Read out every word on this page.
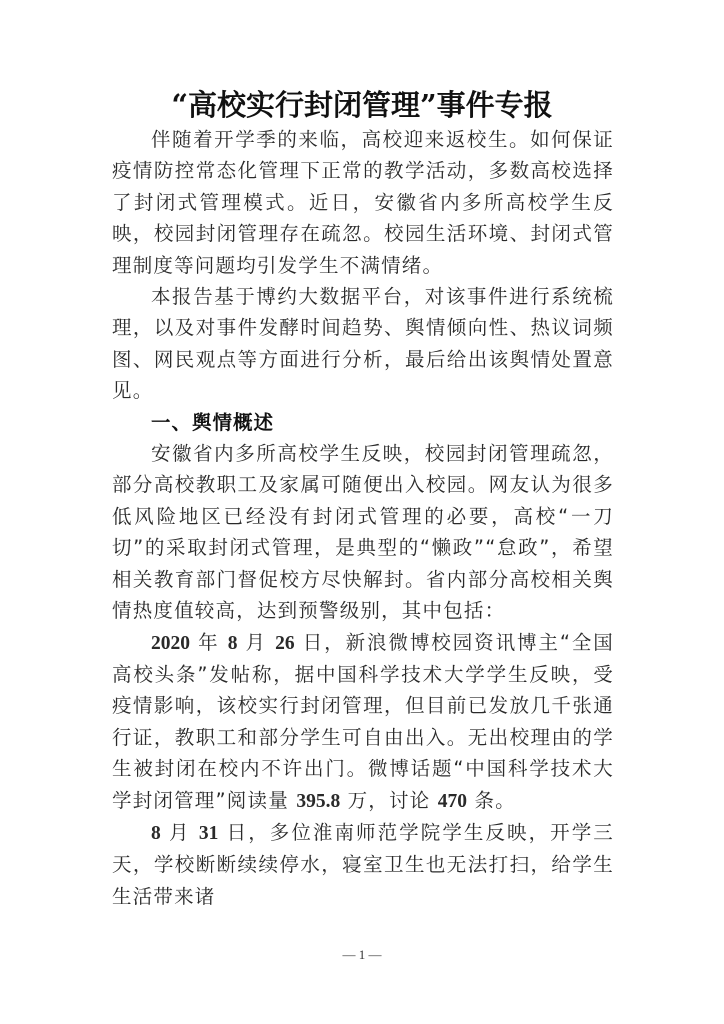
“高校实行封闭管理”事件专报

伴随着开学季的来临，高校迎来返校生。如何保证疫情防控常态化管理下正常的教学活动，多数高校选择了封闭式管理模式。近日，安徽省内多所高校学生反映，校园封闭管理存在疏忽。校园生活环境、封闭式管理制度等问题均引发学生不满情绪。

本报告基于博约大数据平台，对该事件进行系统梳理，以及对事件发酵时间趋势、舆情倾向性、热议词频图、网民观点等方面进行分析，最后给出该舆情处置意见。

一、舆情概述

安徽省内多所高校学生反映，校园封闭管理疏忽，部分高校教职工及家属可随便出入校园。网友认为很多低风险地区已经没有封闭式管理的必要，高校“一刀切”的采取封闭式管理，是典型的“懒政”“怠政”，希望相关教育部门督促校方尽快解封。省内部分高校相关舆情热度值较高，达到预警级别，其中包括：

2020 年 8 月 26 日，新浪微博校园资讯博主“全国高校头条”发帖称，据中国科学技术大学学生反映，受疫情影响，该校实行封闭管理，但目前已发放几千张通行证，教职工和部分学生可自由出入。无出校理由的学生被封闭在校内不许出门。微博话题“中国科学技术大学封闭管理”阅读量 395.8 万，讨论 470 条。

8 月 31 日，多位淮南师范学院学生反映，开学三天，学校断断续续停水，寝室卫生也无法打扫，给学生生活带来诸

— 1 —
